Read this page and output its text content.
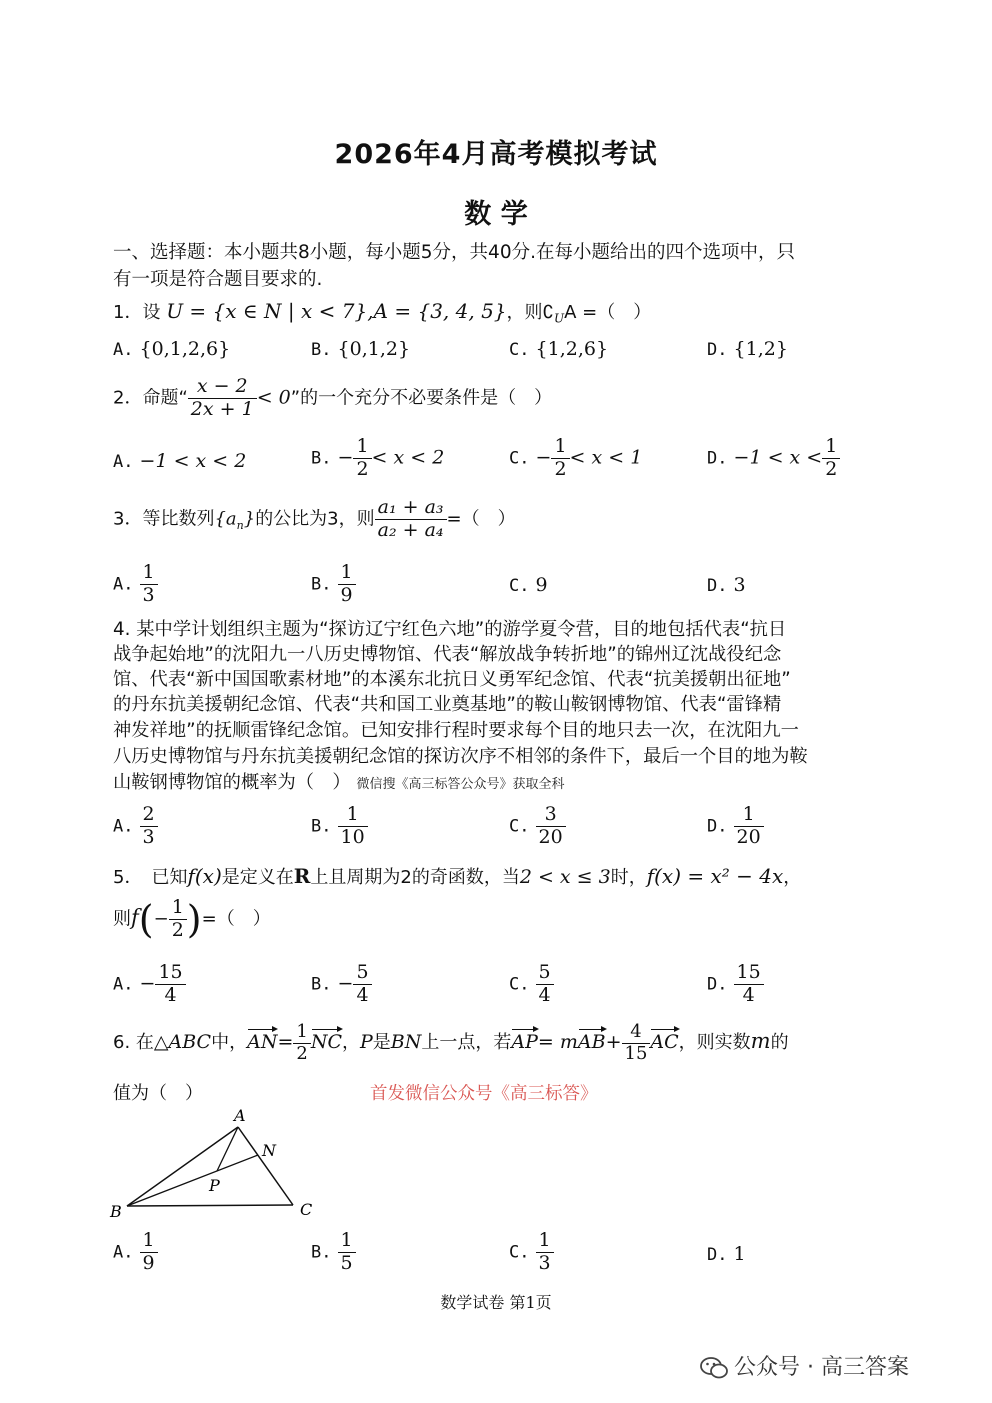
2026年4月高考模拟考试
数 学
一、选择题：本小题共8小题，每小题5分，共40分.在每小题给出的四个选项中，只
有一项是符合题目要求的.
1．设 U = {x ∈ N | x < 7},A = {3, 4, 5}，则$∁_UA$ =（　）
A. {0,1,2,6}	B. {0,1,2}	C. {1,2,6}	D. {1,2}
2．命题“ $\frac{x - 2}{2x + 1} < 0$”的一个充分不必要条件是（　）
A. −1 < x < 2	B. − $\frac{1}{2} < x < 2$	C. − $\frac{1}{2} < x < 1$	D. $-1 < x < \frac{1}{2}$
3．等比数列$\{a_n\}$的公比为3，则 $\frac{\text{a₁ + a₃}}{\text{a₂ + a₄}}$ =（　）
A. $\frac{1}{3}$	B. $\frac{1}{9}$	C. 9	D. 3
4. 某中学计划组织主题为“探访辽宁红色六地”的游学夏令营，目的地包括代表“抗日
战争起始地”的沈阳九一八历史博物馆、代表“解放战争转折地”的锦州辽沈战役纪念
馆、代表“新中国国歌素材地”的本溪东北抗日义勇军纪念馆、代表“抗美援朝出征地”
的丹东抗美援朝纪念馆、代表“共和国工业奠基地”的鞍山鞍钢博物馆、代表“雷锋精
神发祥地”的抚顺雷锋纪念馆。已知安排行程时要求每个目的地只去一次，在沈阳九一
八历史博物馆与丹东抗美援朝纪念馆的探访次序不相邻的条件下，最后一个目的地为鞍
山鞍钢博物馆的概率为（　） 微信搜《高三标答公众号》获取全科
A. $\frac{2}{3}$	B. $\frac{1}{10}$	C. $\frac{3}{20}$	D. $\frac{1}{20}$
5．　已知f(x)是定义在R上且周期为2的奇函数，当2 < x ≤ 3时，f(x) = x² − 4x，
则$f(- \frac{1}{2}$ )=（　）
A. − $\frac{15}{4}$	B. − $\frac{5}{4}$	C. $\frac{5}{4}$	D. $\frac{15}{4}$
6. 在△ABC中，$AN= \frac{1}{2}$ NC，P是BN上一点，若$AP= mAB+ \frac{4}{15}$ AC，则实数m的
值为（　）	首发微信公众号《高三标答》
A
B	C
N
P
A. $\frac{1}{9}$	B. $\frac{1}{5}$	C. $\frac{1}{3}$	D. 1
数学试卷 第1页
公众号 · 高三答案
